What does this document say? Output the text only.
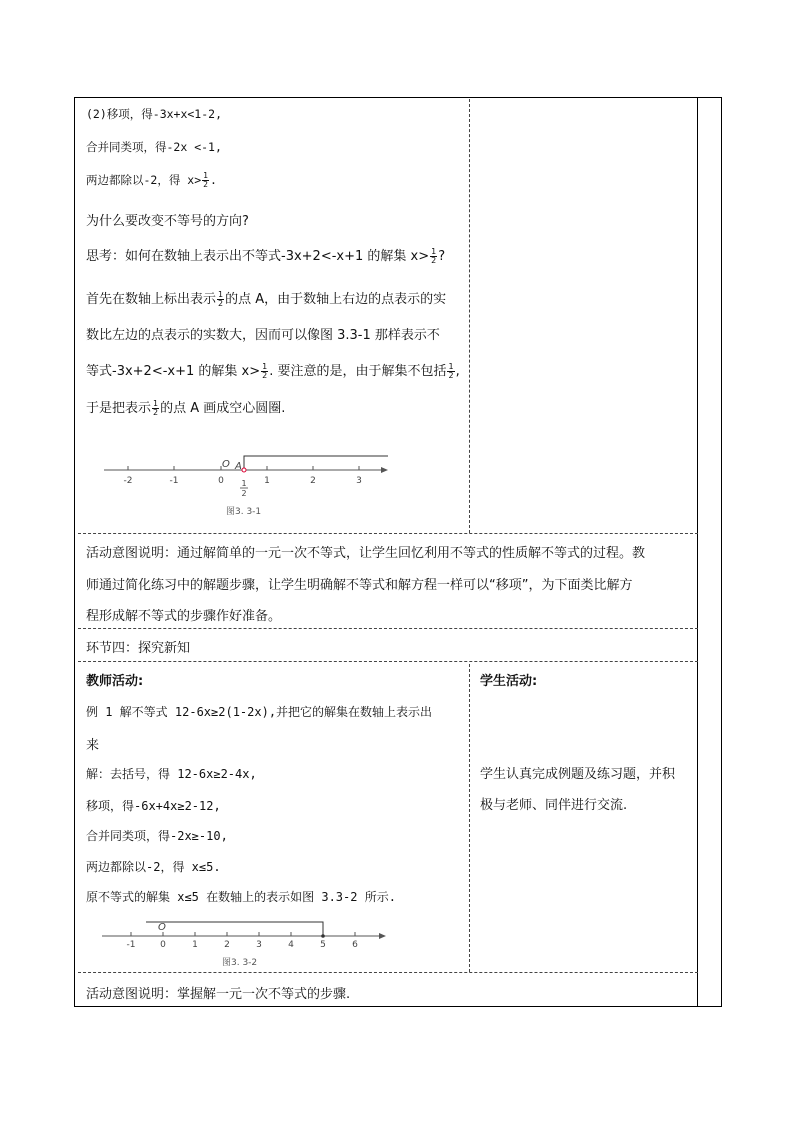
(2)移项，得-3x+x<1-2,
合并同类项，得-2x <-1,
两边都除以-2，得 $x> \frac{1}{2}$ .
为什么要改变不等号的方向?
思考：如何在数轴上表示出不等式-3x+2<-x+1 的解集 $x> \frac{1}{2}$ ?
首先在数轴上标出表示 $\frac{1}{2}$ 的点 A，由于数轴上右边的点表示的实
数比左边的点表示的实数大，因而可以像图 3.3-1 那样表示不
等式-3x+2<-x+1 的解集 $x> \frac{1}{2}$ . 要注意的是，由于解集不包括 $\frac{1}{2}$ ,
于是把表示 $\frac{1}{2}$ 的点 A 画成空心圆圈.
-2	-1	0	1	2	3
O A
1
2
图3. 3-1
活动意图说明：通过解简单的一元一次不等式，让学生回忆利用不等式的性质解不等式的过程。教
师通过简化练习中的解题步骤，让学生明确解不等式和解方程一样可以“移项”，为下面类比解方
程形成解不等式的步骤作好准备。
环节四：探究新知
教师活动:
例 1 解不等式 12-6x≥2(1-2x),并把它的解集在数轴上表示出
来
解：去括号，得 12-6x≥2-4x,
移项，得-6x+4x≥2-12,
合并同类项，得-2x≥-10,
两边都除以-2，得 x≤5.
原不等式的解集 x≤5 在数轴上的表示如图 3.3-2 所示.
学生活动:
学生认真完成例题及练习题，并积
极与老师、同伴进行交流.
-1	0	1	2	3	4	5	6
O
图3. 3-2
活动意图说明：掌握解一元一次不等式的步骤.
